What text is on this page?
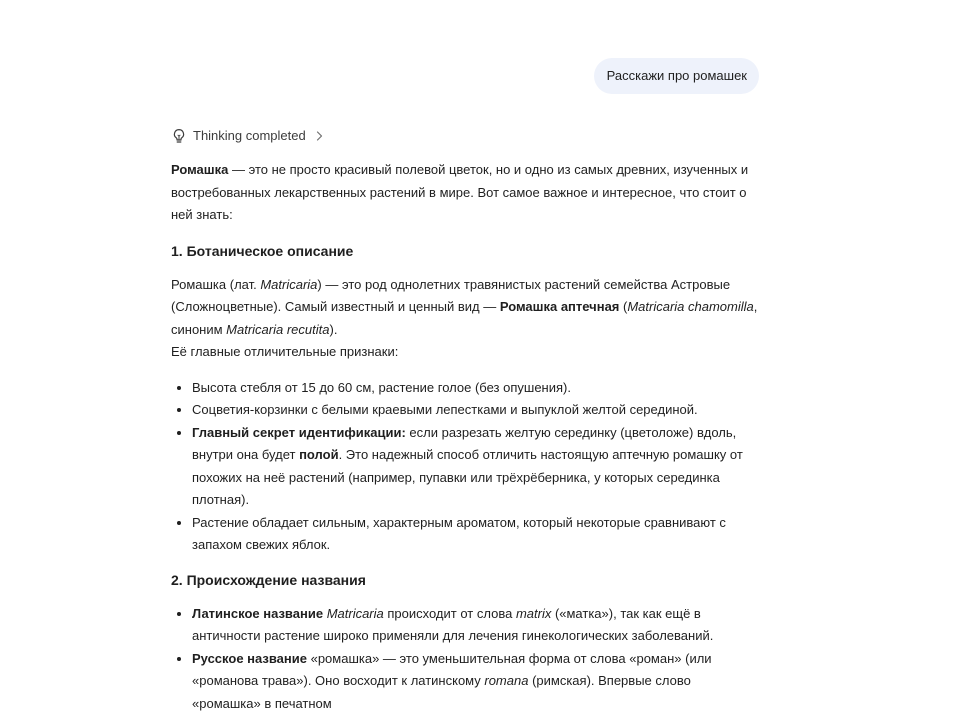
Расскажи про ромашек
Thinking completed

Ромашка — это не просто красивый полевой цветок, но и одно из самых древних, изученных и востребованных лекарственных растений в мире. Вот самое важное и интересное, что стоит о ней знать:

1. Ботаническое описание

Ромашка (лат. Matricaria) — это род однолетних травянистых растений семейства Астровые (Сложноцветные). Самый известный и ценный вид — Ромашка аптечная (Matricaria chamomilla, синоним Matricaria recutita).

Её главные отличительные признаки:

• Высота стебля от 15 до 60 см, растение голое (без опушения).
• Соцветия-корзинки с белыми краевыми лепестками и выпуклой желтой серединой.
• Главный секрет идентификации: если разрезать желтую серединку (цветоложе) вдоль, внутри она будет полой. Это надежный способ отличить настоящую аптечную ромашку от похожих на неё растений (например, пупавки или трёхрёберника, у которых серединка плотная).
• Растение обладает сильным, характерным ароматом, который некоторые сравнивают с запахом свежих яблок.
2. Происхождение названия
• Латинское название Matricaria происходит от слова matrix («матка»), так как ещё в античности растение широко применяли для лечения гинекологических заболеваний.
• Русское название «ромашка» — это уменьшительная форма от слова «роман» (или «романова трава»). Оно восходит к латинскому romana (римская). Впервые слово «ромашка» в печатном
